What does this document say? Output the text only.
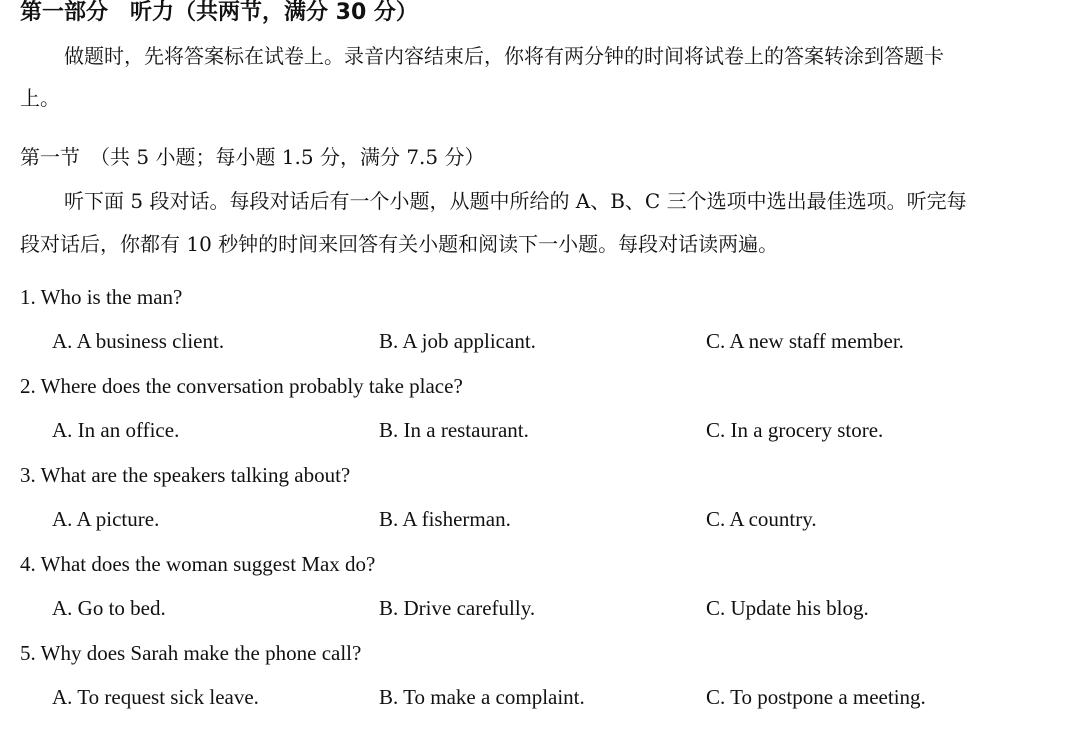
第一部分　听力（共两节，满分 30 分）
做题时，先将答案标在试卷上。录音内容结束后，你将有两分钟的时间将试卷上的答案转涂到答题卡
上。
第一节　（共 5 小题；每小题 1.5 分，满分 7.5 分）
听下面 5 段对话。每段对话后有一个小题，从题中所给的 A、B、C 三个选项中选出最佳选项。听完每
段对话后，你都有 10 秒钟的时间来回答有关小题和阅读下一小题。每段对话读两遍。
1. Who is the man?
A. A business client.	B. A job applicant.	C. A new staff member.
2. Where does the conversation probably take place?
A. In an office.	B. In a restaurant.	C. In a grocery store.
3. What are the speakers talking about?
A. A picture.	B. A fisherman.	C. A country.
4. What does the woman suggest Max do?
A. Go to bed.	B. Drive carefully.	C. Update his blog.
5. Why does Sarah make the phone call?
A. To request sick leave.	B. To make a complaint.	C. To postpone a meeting.
